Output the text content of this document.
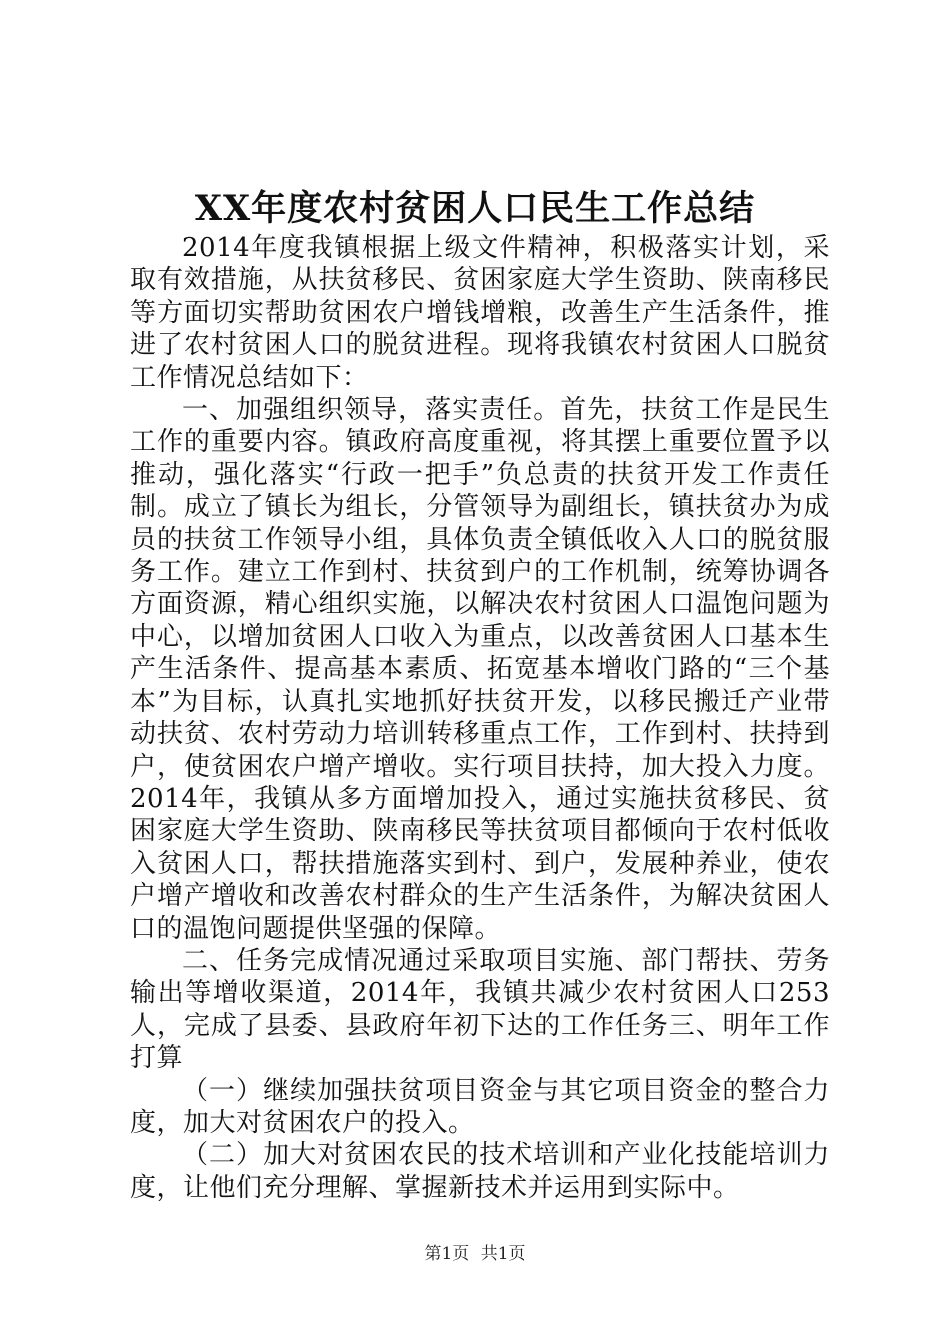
XX年度农村贫困人口民生工作总结

2014年度我镇根据上级文件精神，积极落实计划，采取有效措施，从扶贫移民、贫困家庭大学生资助、陕南移民等方面切实帮助贫困农户增钱增粮，改善生产生活条件，推进了农村贫困人口的脱贫进程。现将我镇农村贫困人口脱贫工作情况总结如下：

一、加强组织领导，落实责任。首先，扶贫工作是民生工作的重要内容。镇政府高度重视，将其摆上重要位置予以推动，强化落实“行政一把手”负总责的扶贫开发工作责任制。成立了镇长为组长，分管领导为副组长，镇扶贫办为成员的扶贫工作领导小组，具体负责全镇低收入人口的脱贫服务工作。建立工作到村、扶贫到户的工作机制，统筹协调各方面资源，精心组织实施，以解决农村贫困人口温饱问题为中心，以增加贫困人口收入为重点，以改善贫困人口基本生产生活条件、提高基本素质、拓宽基本增收门路的“三个基本”为目标，认真扎实地抓好扶贫开发，以移民搬迁产业带动扶贫、农村劳动力培训转移重点工作，工作到村、扶持到户，使贫困农户增产增收。实行项目扶持，加大投入力度。2014年，我镇从多方面增加投入，通过实施扶贫移民、贫困家庭大学生资助、陕南移民等扶贫项目都倾向于农村低收入贫困人口，帮扶措施落实到村、到户，发展种养业，使农户增产增收和改善农村群众的生产生活条件，为解决贫困人口的温饱问题提供坚强的保障。

二、任务完成情况通过采取项目实施、部门帮扶、劳务输出等增收渠道，2014年，我镇共减少农村贫困人口253人，完成了县委、县政府年初下达的工作任务三、明年工作打算

（一）继续加强扶贫项目资金与其它项目资金的整合力度，加大对贫困农户的投入。

（二）加大对贫困农民的技术培训和产业化技能培训力度，让他们充分理解、掌握新技术并运用到实际中。

第1页 共1页
